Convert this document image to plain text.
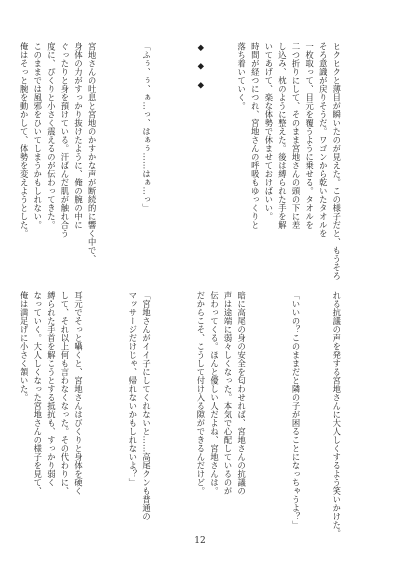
ヒクヒクと薄目が瞬いたのが見えた。この様子だと、もうそろ
そろ意識が戻りそうだ。ワゴンから乾いたタオルを
一枚取って、目元を覆うように乗せる。タオルを
二つ折りにして、そのまま宮地さんの頭の下に差
し込み、枕のように整えた。後は縛られた手を解
いてあげて、楽な体勢で休ませておけばいい。
時間が経つにつれ、宮地さんの呼吸もゆっくりと
落ち着いていく。

◆　◆　◆

「ふぅ、ぅ、ぁ…っ、はぁぅ……はぁ…っ」

宮地さんの吐息と宮地のかすかな声が断続的に響く中で、
身体の力がすっかり抜けたように、俺の腕の中に
ぐったりと身を預けている。汗ばんだ肌が触れ合う
度に、ぴくりと小さく震えるのが伝わってきた。
このままでは風邪をひいてしまうかもしれない。
俺はそっと腕を動かして、体勢を変えようとした。

れる抗議の声を発する宮地さんに大人しくするよう笑いかけた。

「いいの？このままだと隣の子が困ることになっちゃうよ？」

暗に高尾の身の安全を匂わせれば、宮地さんの抗議の
声は途端に弱々しくなった。本気で心配しているのが
伝わってくる。ほんと優しい人だよね、宮地さんは。
だからこそ、こうして付け入る隙ができるんだけど。

「宮地さんがイイ子にしてくれないと……高尾クンも普通の
マッサージだけじゃ、帰れないかもしれないよ？」

耳元でそっと囁くと、宮地さんはびくりと身体を硬く
して、それ以上何も言わなくなった。その代わりに、
縛られた手首を解こうとする抵抗も、すっかり弱く
なっていく。大人しくなった宮地さんの様子を見て、
俺は満足げに小さく頷いた。

12
